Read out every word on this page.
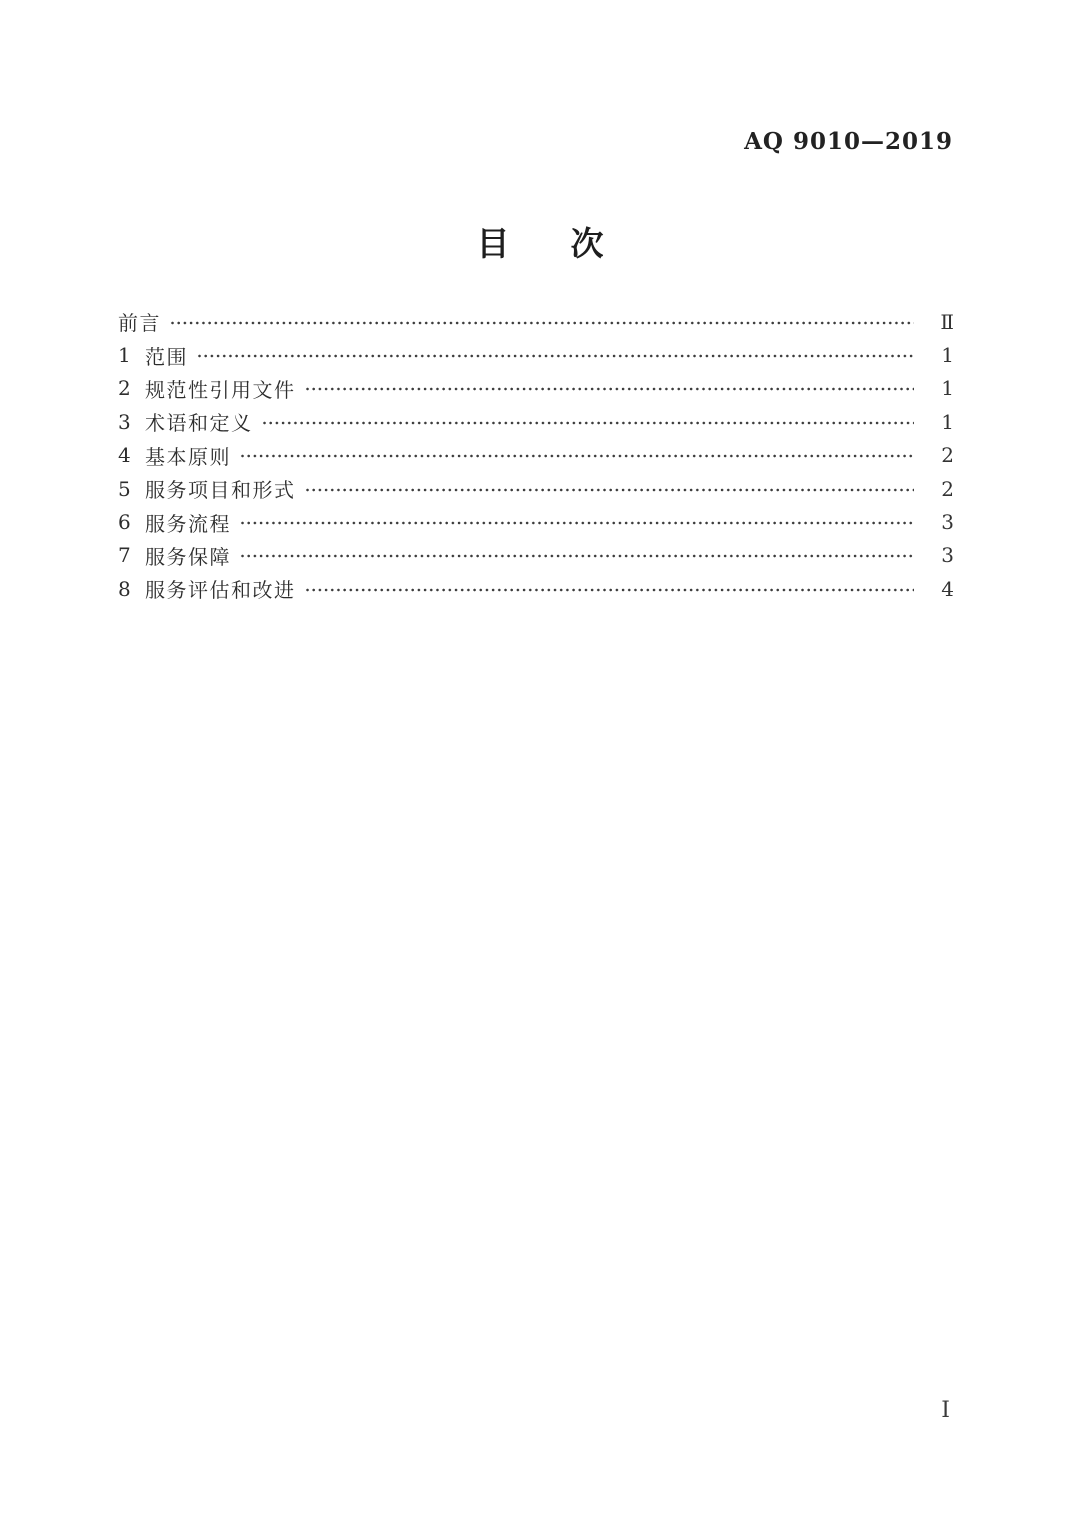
AQ 9010—2019
目次
前言	Ⅱ
1 范围	1
2 规范性引用文件	1
3 术语和定义	1
4 基本原则	2
5 服务项目和形式	2
6 服务流程	3
7 服务保障	3
8 服务评估和改进	4
Ⅰ
